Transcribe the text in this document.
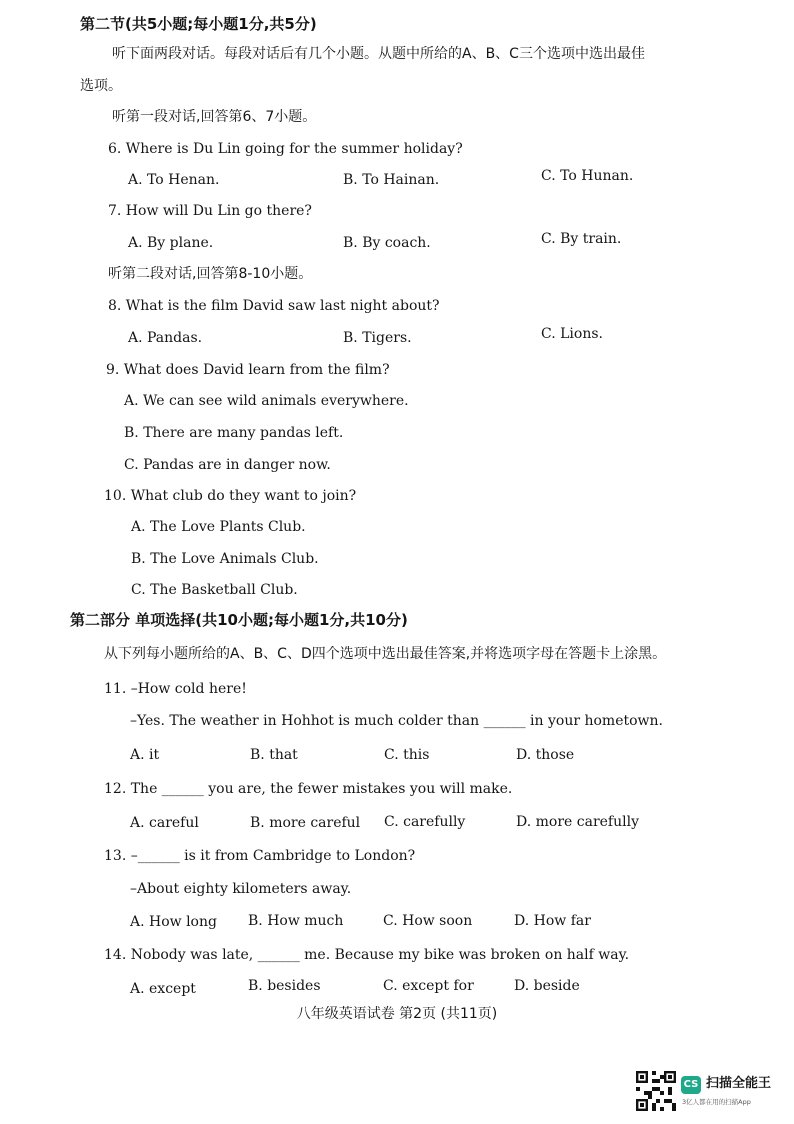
第二节(共5小题;每小题1分,共5分)
听下面两段对话。每段对话后有几个小题。从题中所给的A、B、C三个选项中选出最佳
选项。
听第一段对话,回答第6、7小题。
6. Where is Du Lin going for the summer holiday?
A. To Henan.	B. To Hainan.	C. To Hunan.
7. How will Du Lin go there?
A. By plane.	B. By coach.	C. By train.
听第二段对话,回答第8-10小题。
8. What is the film David saw last night about?
A. Pandas.	B. Tigers.	C. Lions.
9. What does David learn from the film?
A. We can see wild animals everywhere.
B. There are many pandas left.
C. Pandas are in danger now.
10. What club do they want to join?
A. The Love Plants Club.
B. The Love Animals Club.
C. The Basketball Club.
第二部分 单项选择(共10小题;每小题1分,共10分)
从下列每小题所给的A、B、C、D四个选项中选出最佳答案,并将选项字母在答题卡上涂黑。
11. –How cold here!
–Yes. The weather in Hohhot is much colder than ______ in your hometown.
A. it	B. that	C. this	D. those
12. The ______ you are, the fewer mistakes you will make.
A. careful	B. more careful C. carefully	D. more carefully
13. –______ is it from Cambridge to London?
–About eighty kilometers away.
A. How long B. How much	C. How soon	D. How far
14. Nobody was late, ______ me. Because my bike was broken on half way.
A. except	B. besides	C. except for	D. beside
八年级英语试卷 第2页 (共11页)
CS 扫描全能王
3亿人都在用的扫描App
